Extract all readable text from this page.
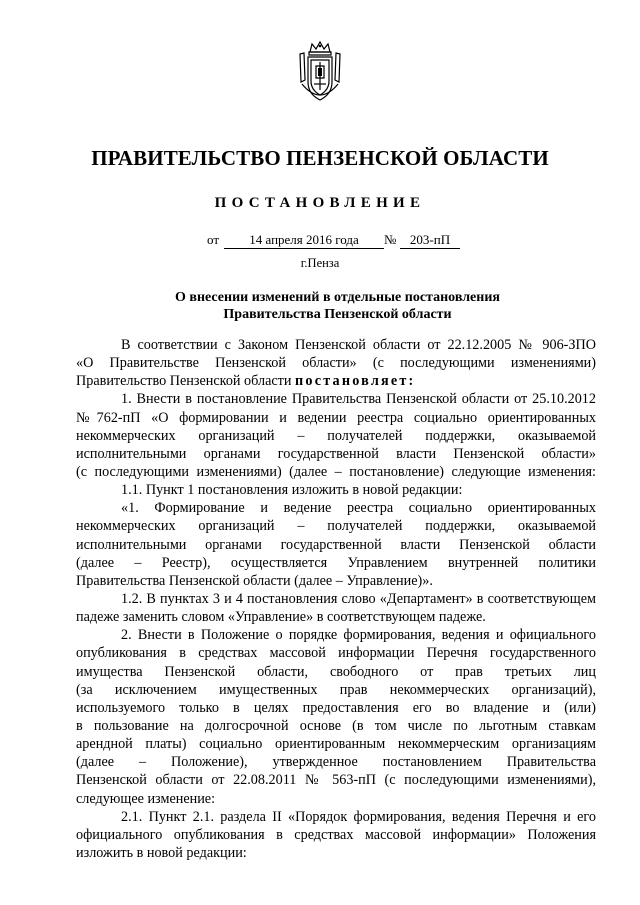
ПРАВИТЕЛЬСТВО ПЕНЗЕНСКОЙ ОБЛАСТИ
ПОСТАНОВЛЕНИЕ
от	14 апреля 2016 года	№	203-пП
г.Пенза
О внесении изменений в отдельные постановления
Правительства Пензенской области
В соответствии с Законом Пензенской области от 22.12.2005 № 906-ЗПО
«О Правительстве Пензенской области» (с последующими изменениями)
Правительство Пензенской области постановляет:
1. Внести в постановление Правительства Пензенской области от 25.10.2012
№762-пП «О формировании и ведении реестра социально ориентированных
некоммерческих организаций – получателей поддержки, оказываемой
исполнительными органами государственной власти Пензенской области»
(с последующими изменениями) (далее – постановление) следующие изменения:
1.1. Пункт 1 постановления изложить в новой редакции:
«1. Формирование и ведение реестра социально ориентированных
некоммерческих организаций – получателей поддержки, оказываемой
исполнительными органами государственной власти Пензенской области
(далее – Реестр), осуществляется Управлением внутренней политики
Правительства Пензенской области (далее – Управление)».
1.2. В пунктах 3 и 4 постановления слово «Департамент» в соответствующем
падеже заменить словом «Управление» в соответствующем падеже.
2. Внести в Положение о порядке формирования, ведения и официального
опубликования в средствах массовой информации Перечня государственного
имущества Пензенской области, свободного от прав третьих лиц
(за исключением имущественных прав некоммерческих организаций),
используемого только в целях предоставления его во владение и (или)
в пользование на долгосрочной основе (в том числе по льготным ставкам
арендной платы) социально ориентированным некоммерческим организациям
(далее – Положение), утвержденное постановлением Правительства
Пензенской области от 22.08.2011 № 563-пП (с последующими изменениями),
следующее изменение:
2.1. Пункт 2.1. раздела II «Порядок формирования, ведения Перечня и его
официального опубликования в средствах массовой информации» Положения
изложить в новой редакции:
